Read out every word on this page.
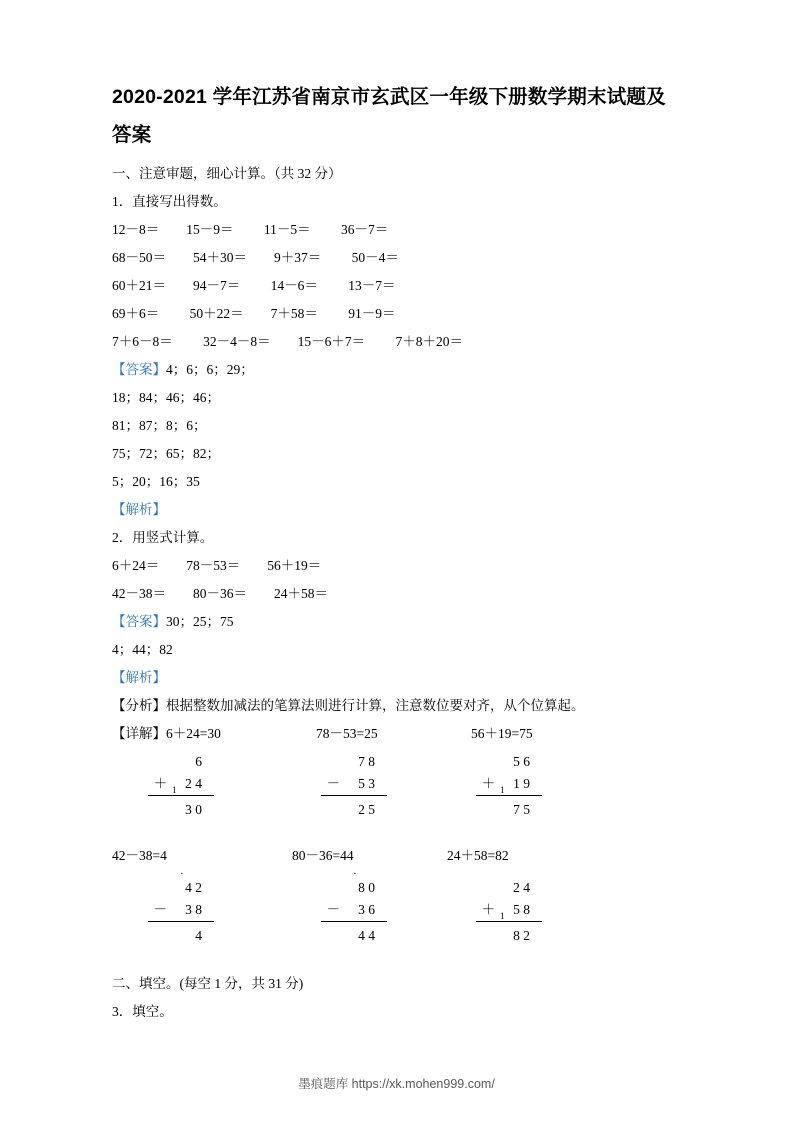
2020-2021 学年江苏省南京市玄武区一年级下册数学期末试题及答案

一、注意审题，细心计算。（共 32 分）

1．直接写出得数。

12－8＝        15－9＝         11－5＝         36－7＝

68－50＝        54＋30＝        9＋37＝         50－4＝

60＋21＝        94－7＝         14－6＝         13－7＝

69＋6＝         50＋22＝        7＋58＝         91－9＝

7＋6－8＝         32－4－8＝        15－6＋7＝         7＋8＋20＝

【答案】4；6；6；29；

18；84；46；46；

81；87；8；6；

75；72；65；82；

5；20；16；35

【解析】

2．用竖式计算。

6＋24＝        78－53＝        56＋19＝

42－38＝        80－36＝        24＋58＝

【答案】30；25；75

4；44；82

【解析】

【分析】根据整数加减法的笔算法则进行计算，注意数位要对齐，从个位算起。

【详解】6＋24=30	78－53=25	56＋19=75

6
＋ 2 4
3 0
1
7 8
－ 5 3
2 5
5 6
＋ 1 9
7 5
1

42－38=4	80－36=44	24＋58=82

·
4 2
－ 3 8
4
·
8 0
－ 3 6
4 4
2 4
＋ 5 8
8 2
1

二、填空。(每空 1 分，共 31 分)

3．填空。

墨痕题库 https://xk.mohen999.com/
